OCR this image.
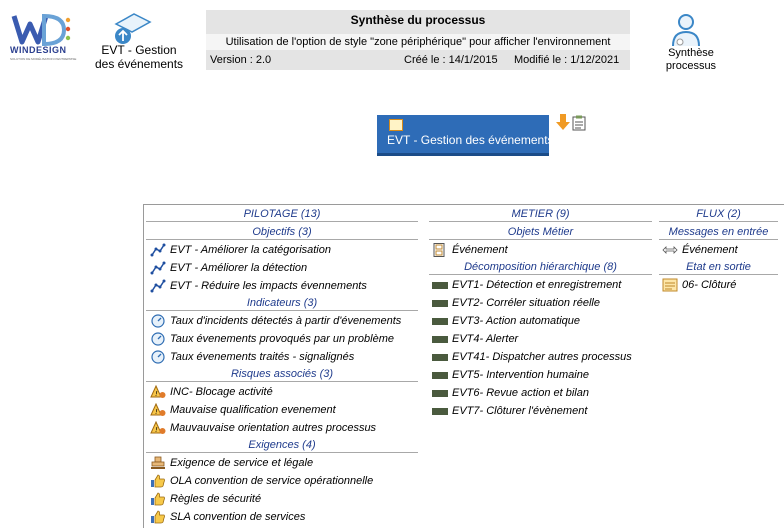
WINDESIGN
SOLUTION DE MODÉLISATION D'ENTREPRISE
EVT - Gestion
des événements
Synthèse du processus
Utilisation de l'option de style "zone périphérique" pour afficher l'environnement
Version : 2.0	Créé le : 14/1/2015 Modifié le : 1/12/2021
Synthèse
processus
EVT - Gestion des événements
PILOTAGE (13)
Objectifs (3)
EVT - Améliorer la catégorisation
EVT - Améliorer la détection
EVT - Réduire les impacts évennements
Indicateurs (3)
Taux d'incidents détectés à partir d'évenements
Taux évenements provoqués par un problème
Taux évenements traités - signalignés
Risques associés (3)
! INC- Blocage activité
! Mauvaise qualification evenement
! Mauvauvaise orientation autres processus
Exigences (4)
Exigence de service et légale
OLA convention de service opérationnelle
Règles de sécurité
SLA convention de services
METIER (9)
Objets Métier
Événement
Décomposition hiérarchique (8)
EVT1- Détection et enregistrement
EVT2- Corréler situation réelle
EVT3- Action automatique
EVT4- Alerter
EVT41- Dispatcher autres processus
EVT5- Intervention humaine
EVT6- Revue action et bilan
EVT7- Clôturer l'évènement
FLUX (2)
Messages en entrée
Événement
Etat en sortie
06- Clôturé
